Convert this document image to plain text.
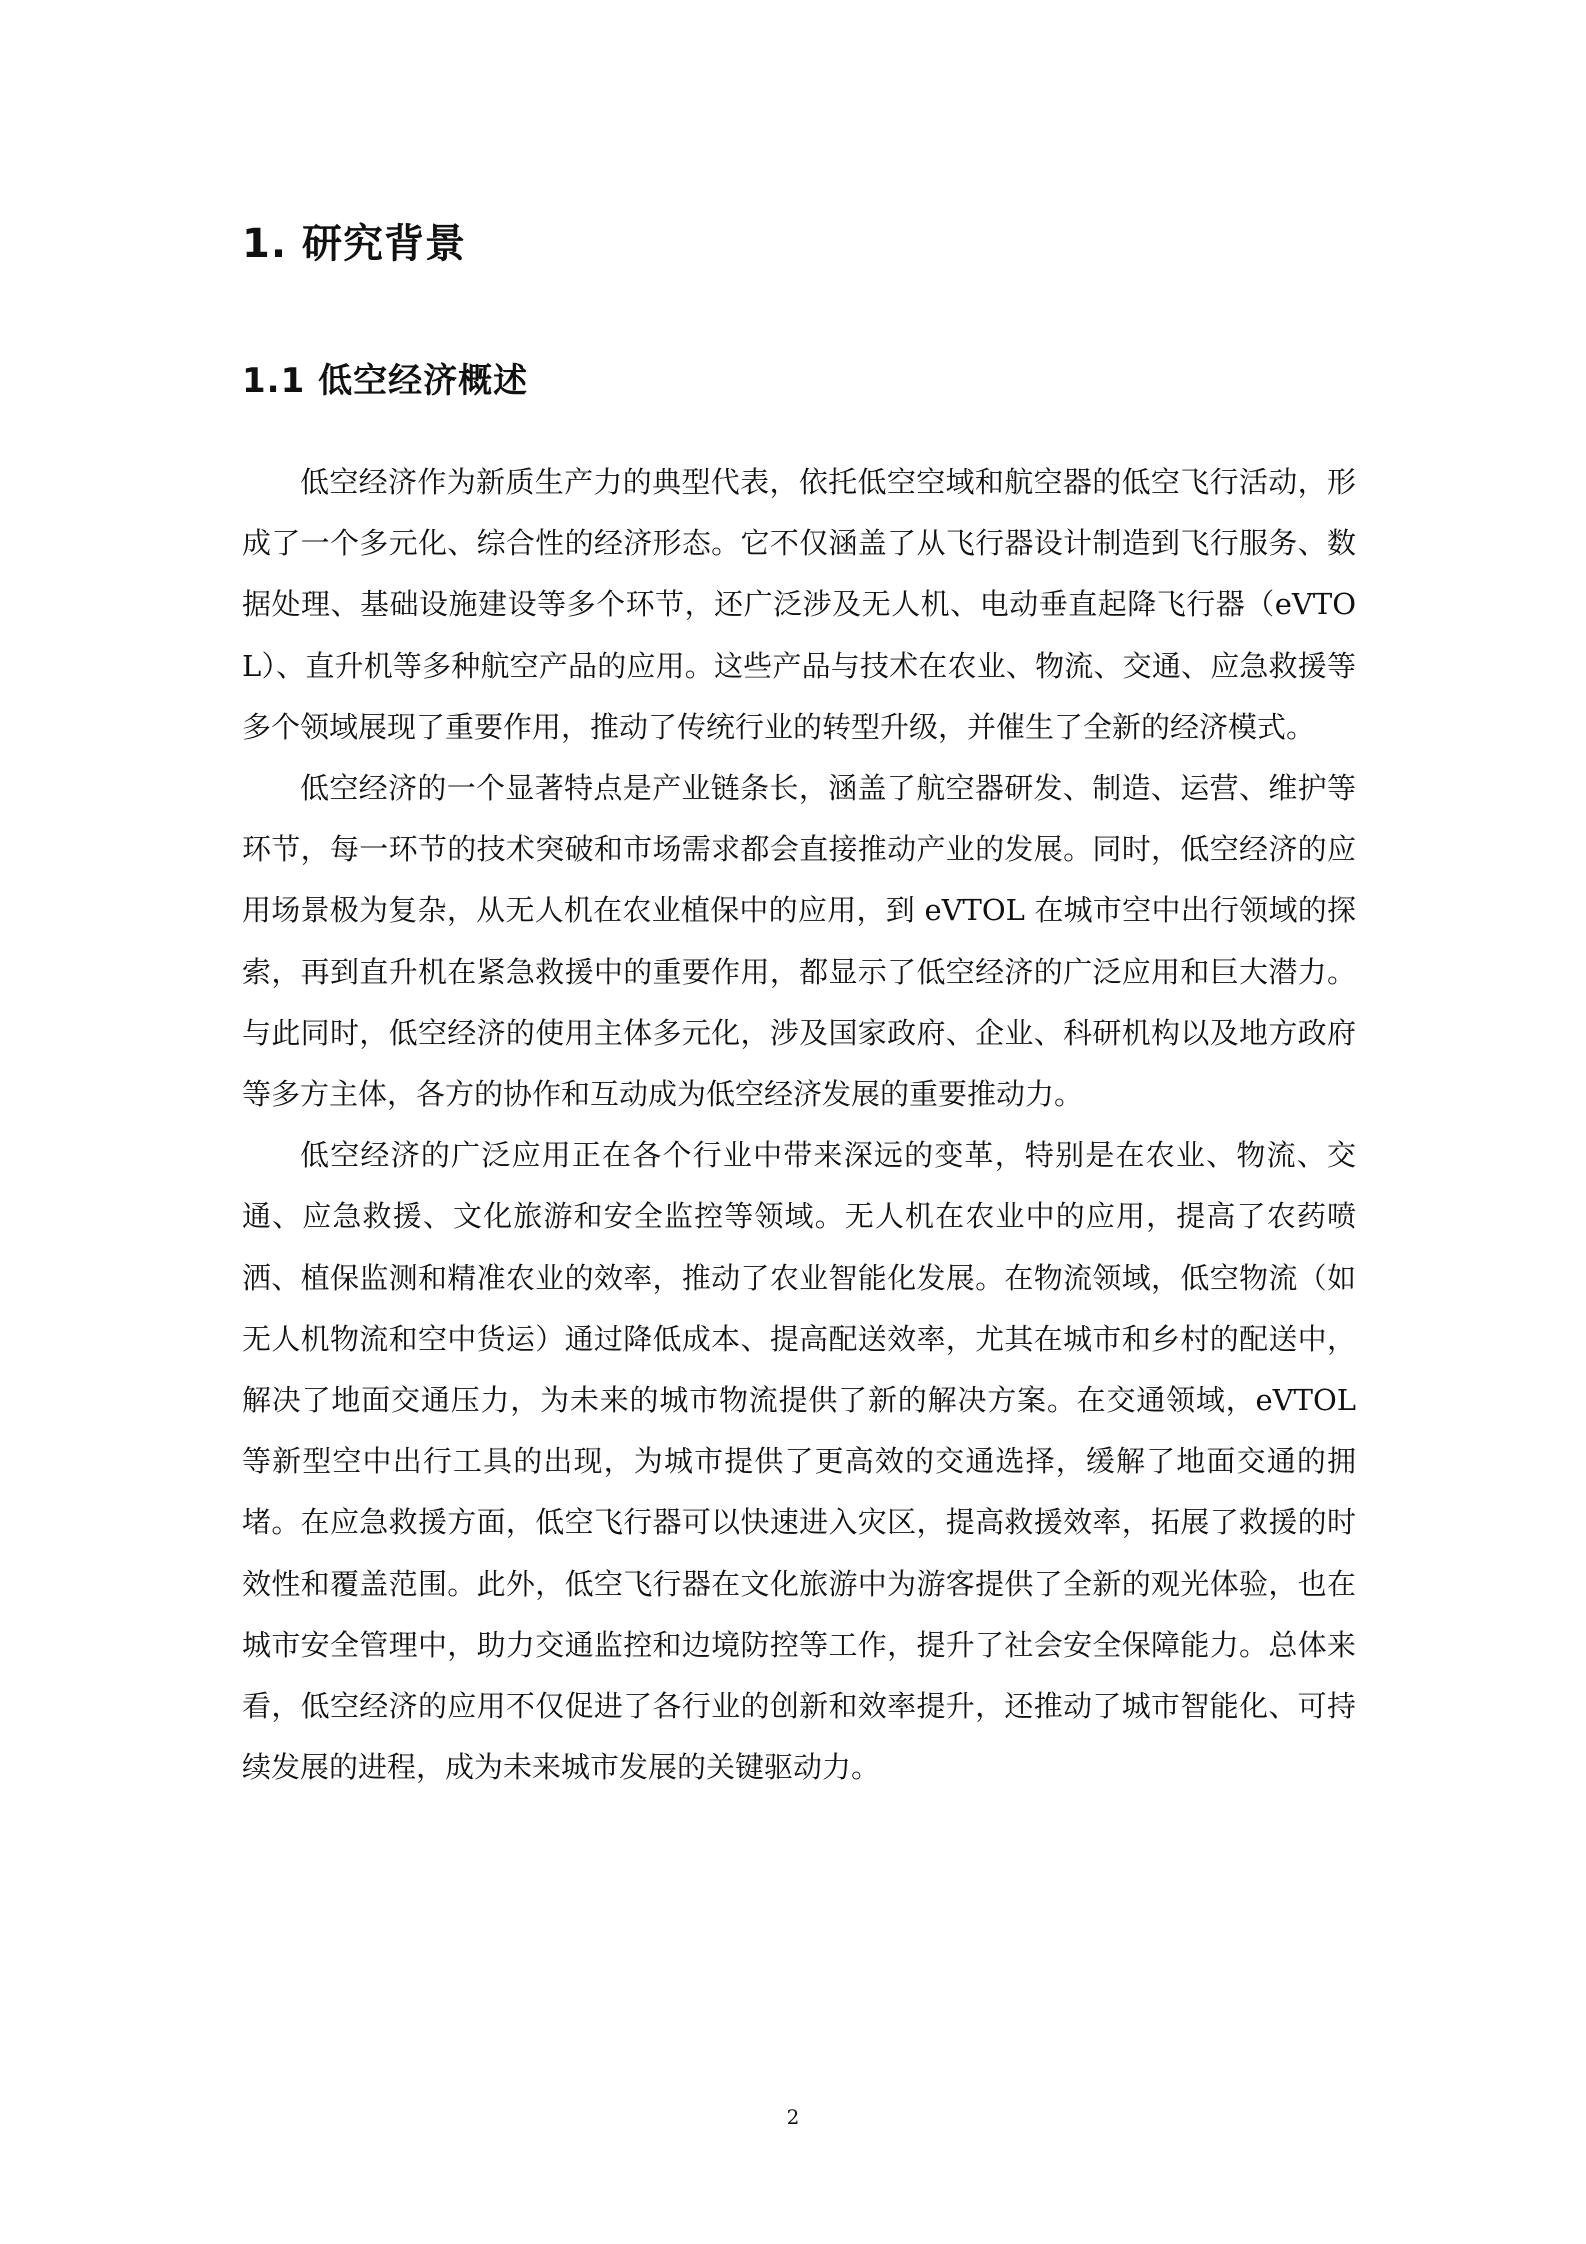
1. 研究背景
1.1 低空经济概述

低空经济作为新质生产力的典型代表，依托低空空域和航空器的低空飞行活动，形成了一个多元化、综合性的经济形态。它不仅涵盖了从飞行器设计制造到飞行服务、数据处理、基础设施建设等多个环节，还广泛涉及无人机、电动垂直起降飞行器（eVTOL）、直升机等多种航空产品的应用。这些产品与技术在农业、物流、交通、应急救援等多个领域展现了重要作用，推动了传统行业的转型升级，并催生了全新的经济模式。

低空经济的一个显著特点是产业链条长，涵盖了航空器研发、制造、运营、维护等环节，每一环节的技术突破和市场需求都会直接推动产业的发展。同时，低空经济的应用场景极为复杂，从无人机在农业植保中的应用，到 eVTOL 在城市空中出行领域的探索，再到直升机在紧急救援中的重要作用，都显示了低空经济的广泛应用和巨大潜力。与此同时，低空经济的使用主体多元化，涉及国家政府、企业、科研机构以及地方政府等多方主体，各方的协作和互动成为低空经济发展的重要推动力。

低空经济的广泛应用正在各个行业中带来深远的变革，特别是在农业、物流、交通、应急救援、文化旅游和安全监控等领域。无人机在农业中的应用，提高了农药喷洒、植保监测和精准农业的效率，推动了农业智能化发展。在物流领域，低空物流（如无人机物流和空中货运）通过降低成本、提高配送效率，尤其在城市和乡村的配送中，解决了地面交通压力，为未来的城市物流提供了新的解决方案。在交通领域，eVTOL 等新型空中出行工具的出现，为城市提供了更高效的交通选择，缓解了地面交通的拥堵。在应急救援方面，低空飞行器可以快速进入灾区，提高救援效率，拓展了救援的时效性和覆盖范围。此外，低空飞行器在文化旅游中为游客提供了全新的观光体验，也在城市安全管理中，助力交通监控和边境防控等工作，提升了社会安全保障能力。总体来看，低空经济的应用不仅促进了各行业的创新和效率提升，还推动了城市智能化、可持续发展的进程，成为未来城市发展的关键驱动力。

2
